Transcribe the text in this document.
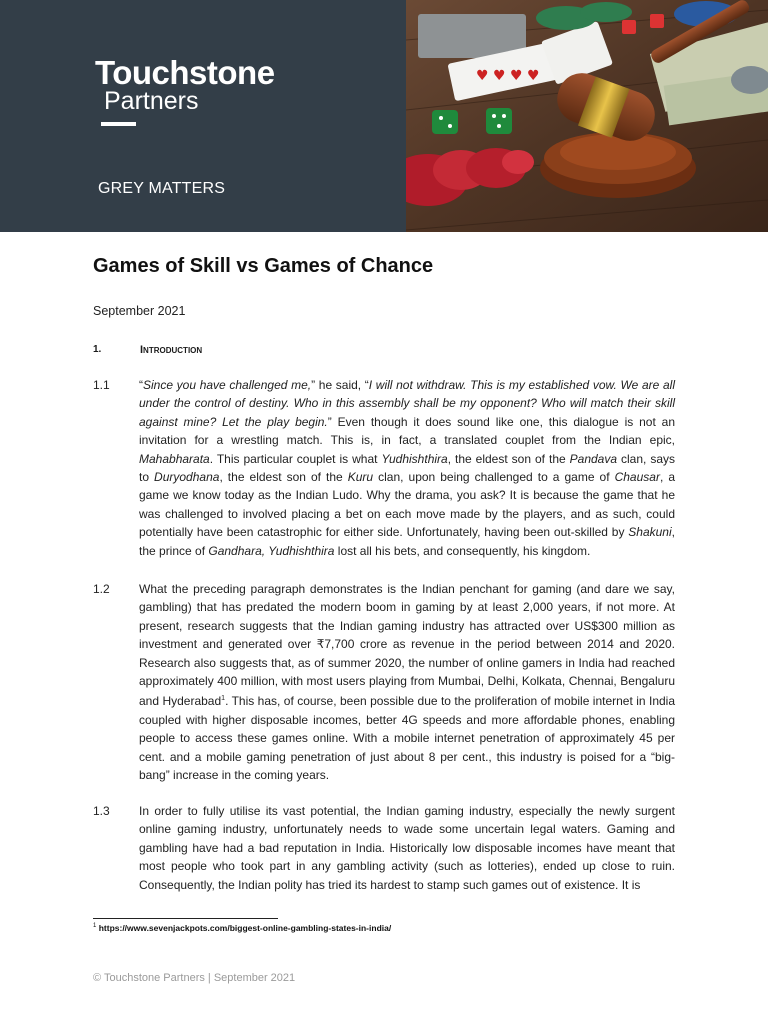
Touchstone
Partners
GREY MATTERS
♥ ♥ ♥ ♥
Games of Skill vs Games of Chance
September 2021
1.	Introduction
1.1 “Since you have challenged me,” he said, “I will not withdraw. This is my established vow. We are all under the control of destiny. Who in this assembly shall be my opponent? Who will match their skill against mine? Let the play begin.” Even though it does sound like one, this dialogue is not an invitation for a wrestling match. This is, in fact, a translated couplet from the Indian epic, Mahabharata. This particular couplet is what Yudhishthira, the eldest son of the Pandava clan, says to Duryodhana, the eldest son of the Kuru clan, upon being challenged to a game of Chausar, a game we know today as the Indian Ludo. Why the drama, you ask? It is because the game that he was challenged to involved placing a bet on each move made by the players, and as such, could potentially have been catastrophic for either side. Unfortunately, having been out-skilled by Shakuni, the prince of Gandhara, Yudhishthira lost all his bets, and consequently, his kingdom.
1.2 What the preceding paragraph demonstrates is the Indian penchant for gaming (and dare we say, gambling) that has predated the modern boom in gaming by at least 2,000 years, if not more. At present, research suggests that the Indian gaming industry has attracted over US$300 million as investment and generated over ₹7,700 crore as revenue in the period between 2014 and 2020. Research also suggests that, as of summer 2020, the number of online gamers in India had reached approximately 400 million, with most users playing from Mumbai, Delhi, Kolkata, Chennai, Bengaluru and Hyderabad$^1$. This has, of course, been possible due to the proliferation of mobile internet in India coupled with higher disposable incomes, better 4G speeds and more affordable phones, enabling people to access these games online. With a mobile internet penetration of approximately 45 per cent. and a mobile gaming penetration of just about 8 per cent., this industry is poised for a “big-bang” increase in the coming years.
1.3 In order to fully utilise its vast potential, the Indian gaming industry, especially the newly surgent online gaming industry, unfortunately needs to wade some uncertain legal waters. Gaming and gambling have had a bad reputation in India. Historically low disposable incomes have meant that most people who took part in any gambling activity (such as lotteries), ended up close to ruin. Consequently, the Indian polity has tried its hardest to stamp such games out of existence. It is
$^1$ https://www.sevenjackpots.com/biggest-online-gambling-states-in-india/
© Touchstone Partners | September 2021
